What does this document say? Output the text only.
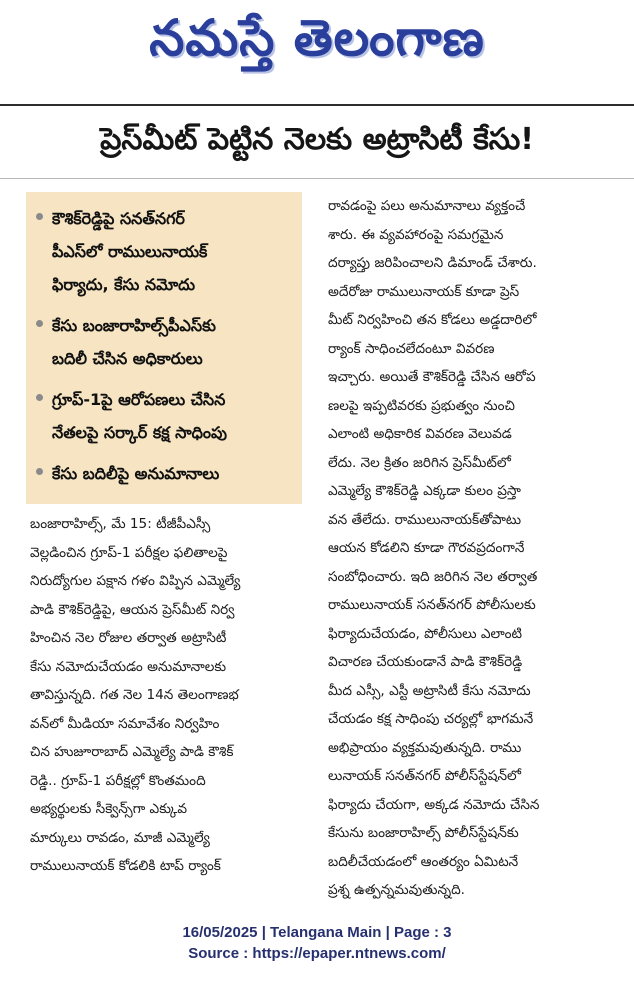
నమస్తే తెలంగాణ
ప్రెస్‌మీట్ పెట్టిన నెలకు అట్రాసిటీ కేసు!
కౌశిక్‌రెడ్డిపై సనత్‌నగర్
పీఎస్‌లో రాములునాయక్
ఫిర్యాదు, కేసు నమోదు
కేసు బంజారాహిల్స్‌పీఎస్‌కు
బదిలీ చేసిన అధికారులు
గ్రూప్-1పై ఆరోపణలు చేసిన
నేతలపై సర్కార్ కక్ష సాధింపు
కేసు బదిలీపై అనుమానాలు
బంజారాహిల్స్, మే 15: టీజీపీఎస్సీ
వెల్లడించిన గ్రూప్-1 పరీక్షల ఫలితాలపై
నిరుద్యోగుల పక్షాన గళం విప్పిన ఎమ్మెల్యే
పాడి కౌశిక్‌రెడ్డిపై, ఆయన ప్రెస్‌మీట్ నిర్వ
హించిన నెల రోజుల తర్వాత అట్రాసిటీ
కేసు నమోదుచేయడం అనుమానాలకు
తావిస్తున్నది. గత నెల 14న తెలంగాణభ
వన్‌లో మీడియా సమావేశం నిర్వహిం
చిన హుజూరాబాద్ ఎమ్మెల్యే పాడి కౌశిక్
రెడ్డి.. గ్రూప్-1 పరీక్షల్లో కొంతమంది
అభ్యర్థులకు సీక్వెన్స్‌గా ఎక్కువ
మార్కులు రావడం, మాజీ ఎమ్మెల్యే
రాములునాయక్ కోడలికి టాప్ ర్యాంక్
రావడంపై పలు అనుమానాలు వ్యక్తంచే
శారు. ఈ వ్యవహారంపై సమగ్రమైన
దర్యాప్తు జరిపించాలని డిమాండ్ చేశారు.
అదేరోజు రాములునాయక్ కూడా ప్రెస్
మీట్ నిర్వహించి తన కోడలు అడ్డదారిలో
ర్యాంక్ సాధించలేదంటూ వివరణ
ఇచ్చారు. అయితే కౌశిక్‌రెడ్డి చేసిన ఆరోప
ణలపై ఇప్పటివరకు ప్రభుత్వం నుంచి
ఎలాంటి అధికారిక వివరణ వెలువడ
లేదు. నెల క్రితం జరిగిన ప్రెస్‌మీట్‌లో
ఎమ్మెల్యే కౌశిక్‌రెడ్డి ఎక్కడా కులం ప్రస్తా
వన తేలేదు. రాములునాయక్‌తోపాటు
ఆయన కోడలిని కూడా గౌరవప్రదంగానే
సంబోధించారు. ఇది జరిగిన నెల తర్వాత
రాములునాయక్ సనత్‌నగర్ పోలీసులకు
ఫిర్యాదుచేయడం, పోలీసులు ఎలాంటి
విచారణ చేయకుండానే పాడి కౌశిక్‌రెడ్డి
మీద ఎస్సీ, ఎస్టీ అట్రాసిటీ కేసు నమోదు
చేయడం కక్ష సాధింపు చర్యల్లో భాగమనే
అభిప్రాయం వ్యక్తమవుతున్నది. రాము
లునాయక్ సనత్‌నగర్ పోలీస్‌స్టేషన్‌లో
ఫిర్యాదు చేయగా, అక్కడ నమోదు చేసిన
కేసును బంజారాహిల్స్ పోలీస్‌స్టేషన్‌కు
బదిలీచేయడంలో ఆంతర్యం ఏమిటనే
ప్రశ్న ఉత్పన్నమవుతున్నది.
16/05/2025 | Telangana Main | Page : 3
Source : https://epaper.ntnews.com/
